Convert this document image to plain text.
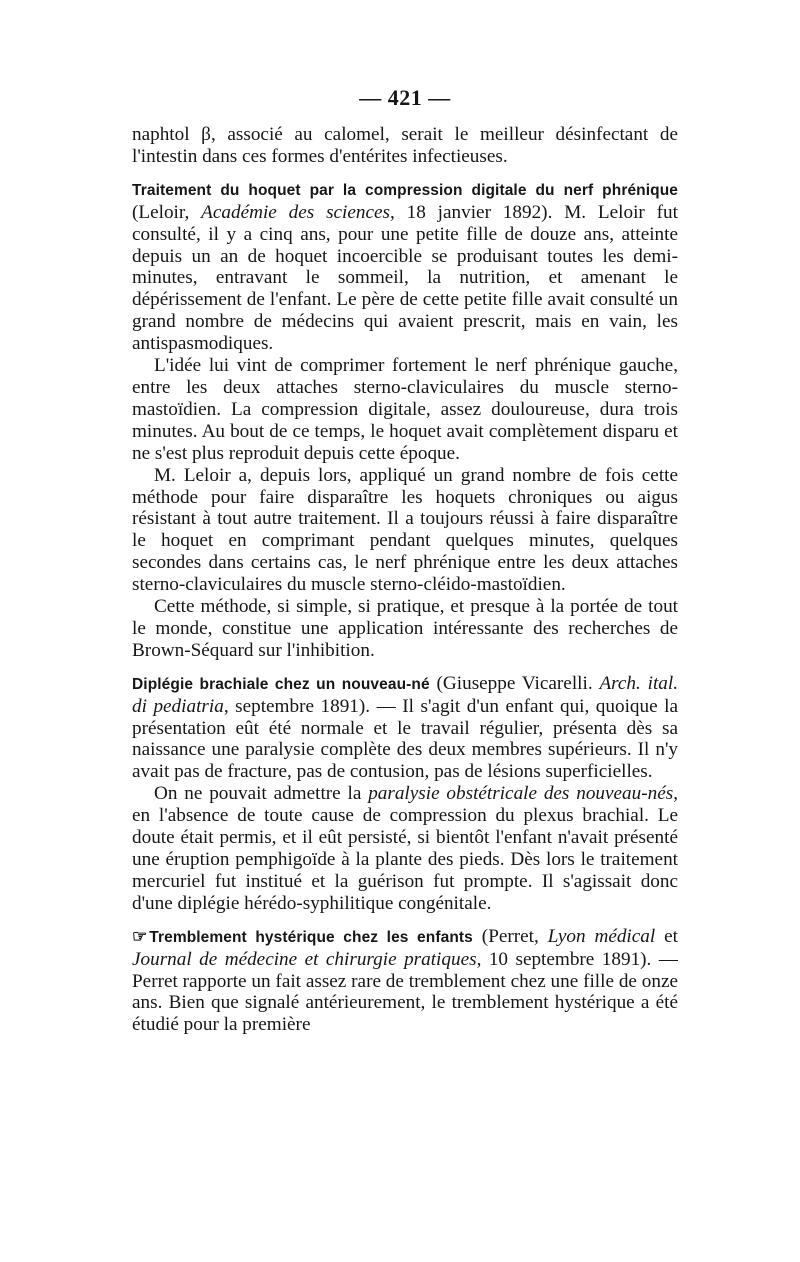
— 421 —

naphtol β, associé au calomel, serait le meilleur désinfectant de l'intestin dans ces formes d'entérites infectieuses.

Traitement du hoquet par la compression digitale du nerf phrénique (Leloir, Académie des sciences, 18 janvier 1892). M. Leloir fut consulté, il y a cinq ans, pour une petite fille de douze ans, atteinte depuis un an de hoquet incoercible se produisant toutes les demi-minutes, entravant le sommeil, la nutrition, et amenant le dépérissement de l'enfant. Le père de cette petite fille avait consulté un grand nombre de médecins qui avaient prescrit, mais en vain, les antispasmodiques.

L'idée lui vint de comprimer fortement le nerf phrénique gauche, entre les deux attaches sterno-claviculaires du muscle sterno-mastoïdien. La compression digitale, assez douloureuse, dura trois minutes. Au bout de ce temps, le hoquet avait complètement disparu et ne s'est plus reproduit depuis cette époque.

M. Leloir a, depuis lors, appliqué un grand nombre de fois cette méthode pour faire disparaître les hoquets chroniques ou aigus résistant à tout autre traitement. Il a toujours réussi à faire disparaître le hoquet en comprimant pendant quelques minutes, quelques secondes dans certains cas, le nerf phrénique entre les deux attaches sterno-claviculaires du muscle sterno-cléido-mastoïdien.

Cette méthode, si simple, si pratique, et presque à la portée de tout le monde, constitue une application intéressante des recherches de Brown-Séquard sur l'inhibition.

Diplégie brachiale chez un nouveau-né (Giuseppe Vicarelli. Arch. ital. di pediatria, septembre 1891). — Il s'agit d'un enfant qui, quoique la présentation eût été normale et le travail régulier, présenta dès sa naissance une paralysie complète des deux membres supérieurs. Il n'y avait pas de fracture, pas de contusion, pas de lésions superficielles.

On ne pouvait admettre la paralysie obstétricale des nouveau-nés, en l'absence de toute cause de compression du plexus brachial. Le doute était permis, et il eût persisté, si bientôt l'enfant n'avait présenté une éruption pemphigoïde à la plante des pieds. Dès lors le traitement mercuriel fut institué et la guérison fut prompte. Il s'agissait donc d'une diplégie hérédo-syphilitique congénitale.

☞ Tremblement hystérique chez les enfants (Perret, Lyon médical et Journal de médecine et chirurgie pratiques, 10 septembre 1891). — Perret rapporte un fait assez rare de tremblement chez une fille de onze ans. Bien que signalé antérieurement, le tremblement hystérique a été étudié pour la première
